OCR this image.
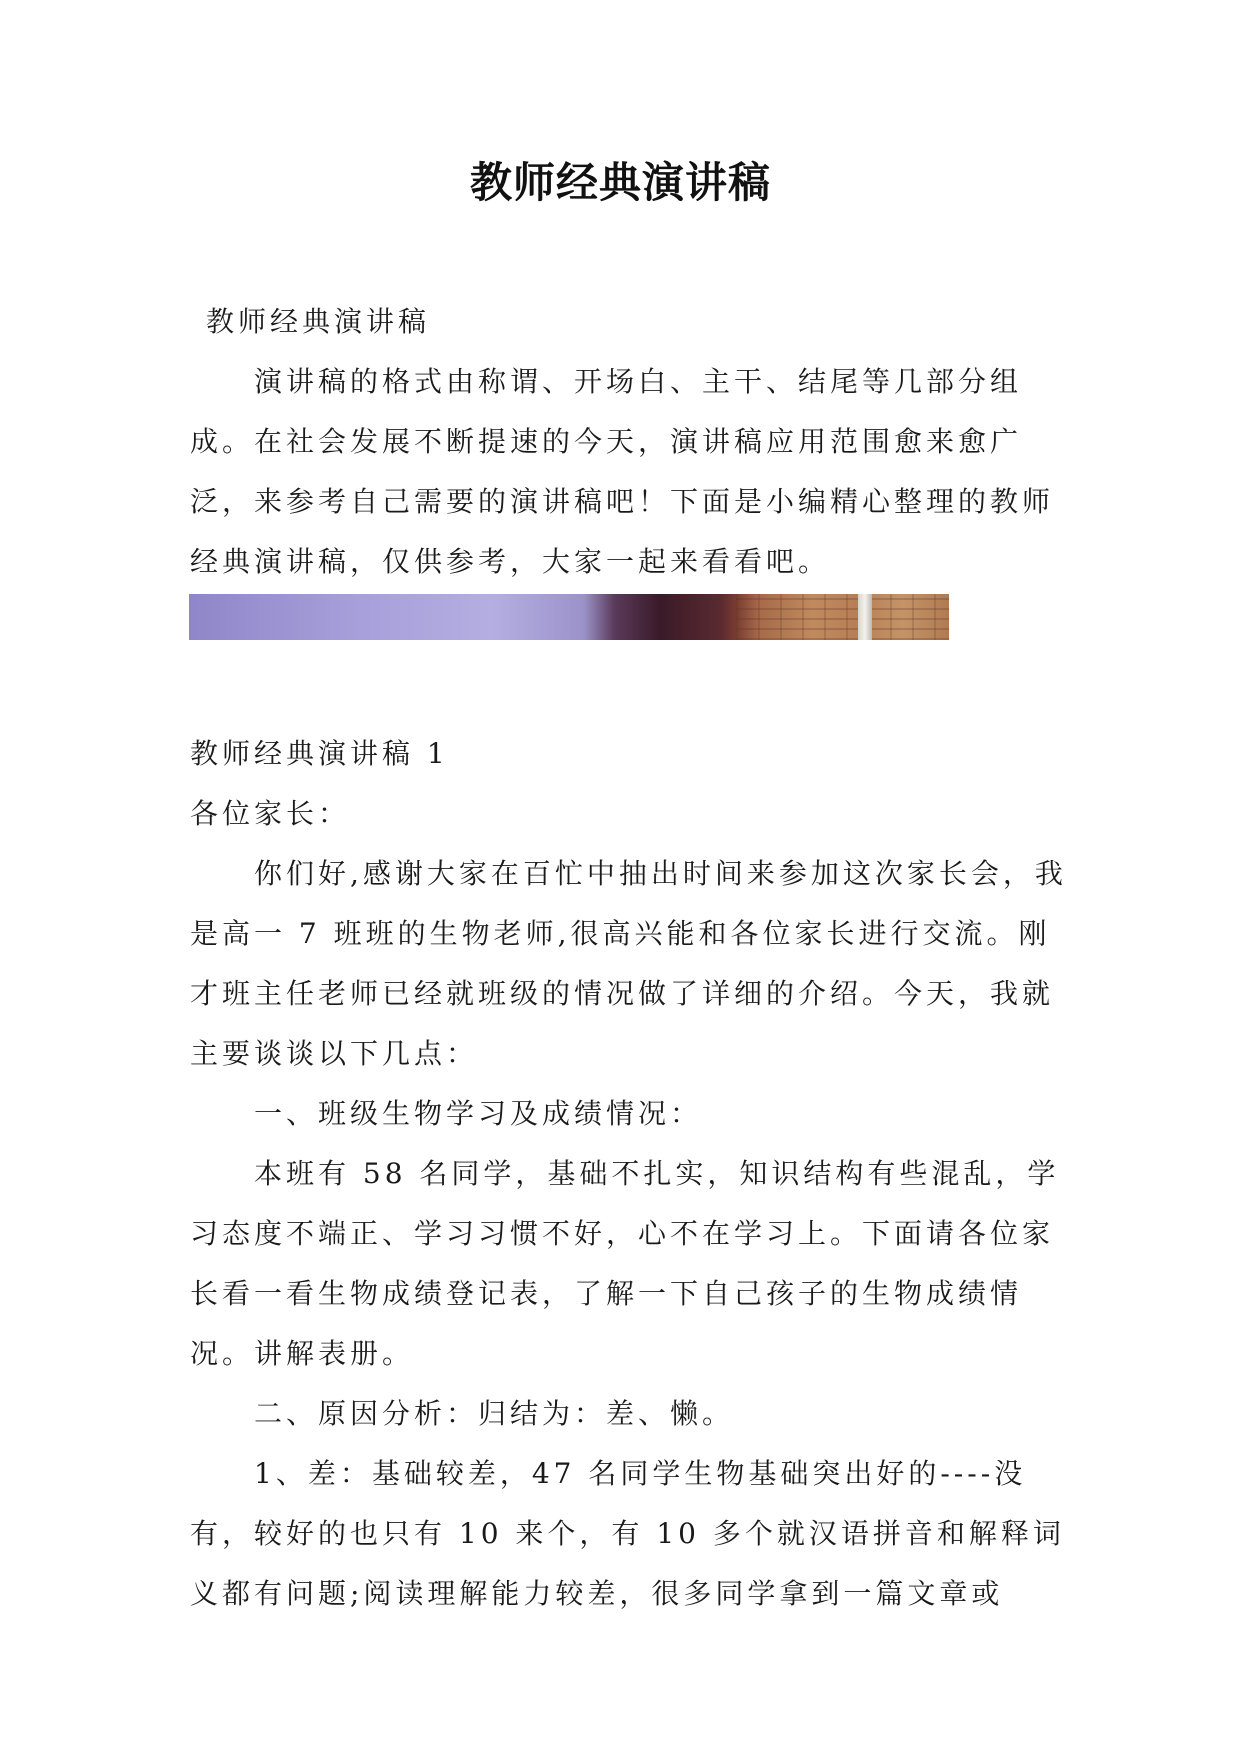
教师经典演讲稿

教师经典演讲稿

演讲稿的格式由称谓、开场白、主干、结尾等几部分组成。在社会发展不断提速的今天，演讲稿应用范围愈来愈广泛，来参考自己需要的演讲稿吧！下面是小编精心整理的教师经典演讲稿，仅供参考，大家一起来看看吧。

教师经典演讲稿 1

各位家长：

你们好,感谢大家在百忙中抽出时间来参加这次家长会，我是高一 7 班班的生物老师,很高兴能和各位家长进行交流。刚才班主任老师已经就班级的情况做了详细的介绍。今天，我就主要谈谈以下几点：

一、班级生物学习及成绩情况：

本班有 58 名同学，基础不扎实，知识结构有些混乱，学习态度不端正、学习习惯不好，心不在学习上。下面请各位家长看一看生物成绩登记表，了解一下自己孩子的生物成绩情况。讲解表册。

二、原因分析：归结为：差、懒。

1、差：基础较差，47 名同学生物基础突出好的----没有，较好的也只有 10 来个，有 10 多个就汉语拼音和解释词义都有问题;阅读理解能力较差，很多同学拿到一篇文章或
